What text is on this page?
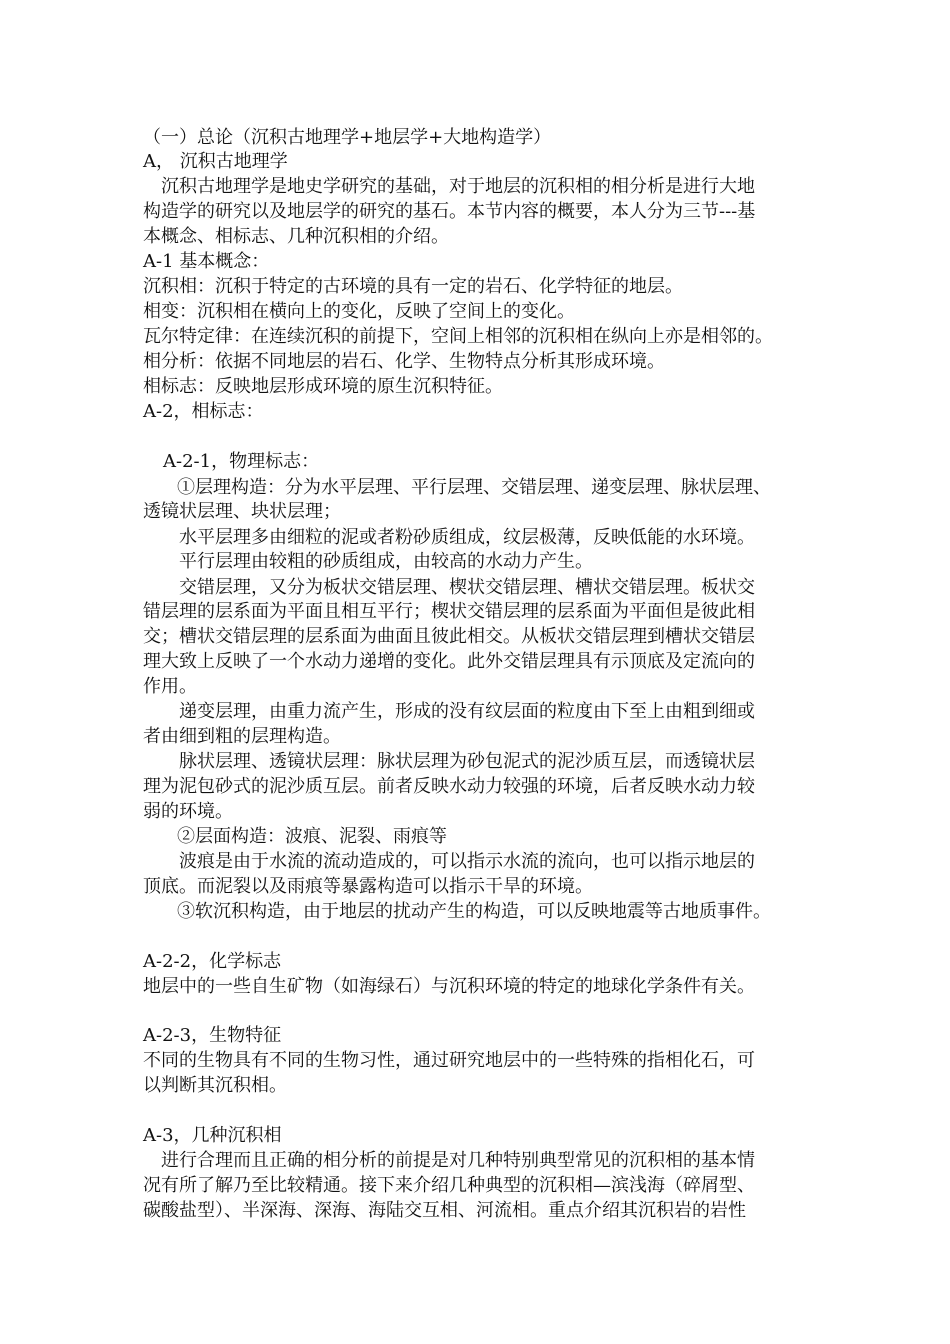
（一）总论（沉积古地理学+地层学+大地构造学）
A， 沉积古地理学
沉积古地理学是地史学研究的基础，对于地层的沉积相的相分析是进行大地
构造学的研究以及地层学的研究的基石。本节内容的概要，本人分为三节---基
本概念、相标志、几种沉积相的介绍。
A-1 基本概念：
沉积相：沉积于特定的古环境的具有一定的岩石、化学特征的地层。
相变：沉积相在横向上的变化，反映了空间上的变化。
瓦尔特定律：在连续沉积的前提下，空间上相邻的沉积相在纵向上亦是相邻的。
相分析：依据不同地层的岩石、化学、生物特点分析其形成环境。
相标志：反映地层形成环境的原生沉积特征。
A-2，相标志：
A-2-1，物理标志：
①层理构造：分为水平层理、平行层理、交错层理、递变层理、脉状层理、
透镜状层理、块状层理；
水平层理多由细粒的泥或者粉砂质组成，纹层极薄，反映低能的水环境。
平行层理由较粗的砂质组成，由较高的水动力产生。
交错层理，又分为板状交错层理、楔状交错层理、槽状交错层理。板状交
错层理的层系面为平面且相互平行；楔状交错层理的层系面为平面但是彼此相
交；槽状交错层理的层系面为曲面且彼此相交。从板状交错层理到槽状交错层
理大致上反映了一个水动力递增的变化。此外交错层理具有示顶底及定流向的
作用。
递变层理，由重力流产生，形成的没有纹层面的粒度由下至上由粗到细或
者由细到粗的层理构造。
脉状层理、透镜状层理：脉状层理为砂包泥式的泥沙质互层，而透镜状层
理为泥包砂式的泥沙质互层。前者反映水动力较强的环境，后者反映水动力较
弱的环境。
②层面构造：波痕、泥裂、雨痕等
波痕是由于水流的流动造成的，可以指示水流的流向，也可以指示地层的
顶底。而泥裂以及雨痕等暴露构造可以指示干旱的环境。
③软沉积构造，由于地层的扰动产生的构造，可以反映地震等古地质事件。
A-2-2，化学标志
地层中的一些自生矿物（如海绿石）与沉积环境的特定的地球化学条件有关。
A-2-3，生物特征
不同的生物具有不同的生物习性，通过研究地层中的一些特殊的指相化石，可
以判断其沉积相。
A-3，几种沉积相
进行合理而且正确的相分析的前提是对几种特别典型常见的沉积相的基本情
况有所了解乃至比较精通。接下来介绍几种典型的沉积相—滨浅海（碎屑型、
碳酸盐型）、半深海、深海、海陆交互相、河流相。重点介绍其沉积岩的岩性
